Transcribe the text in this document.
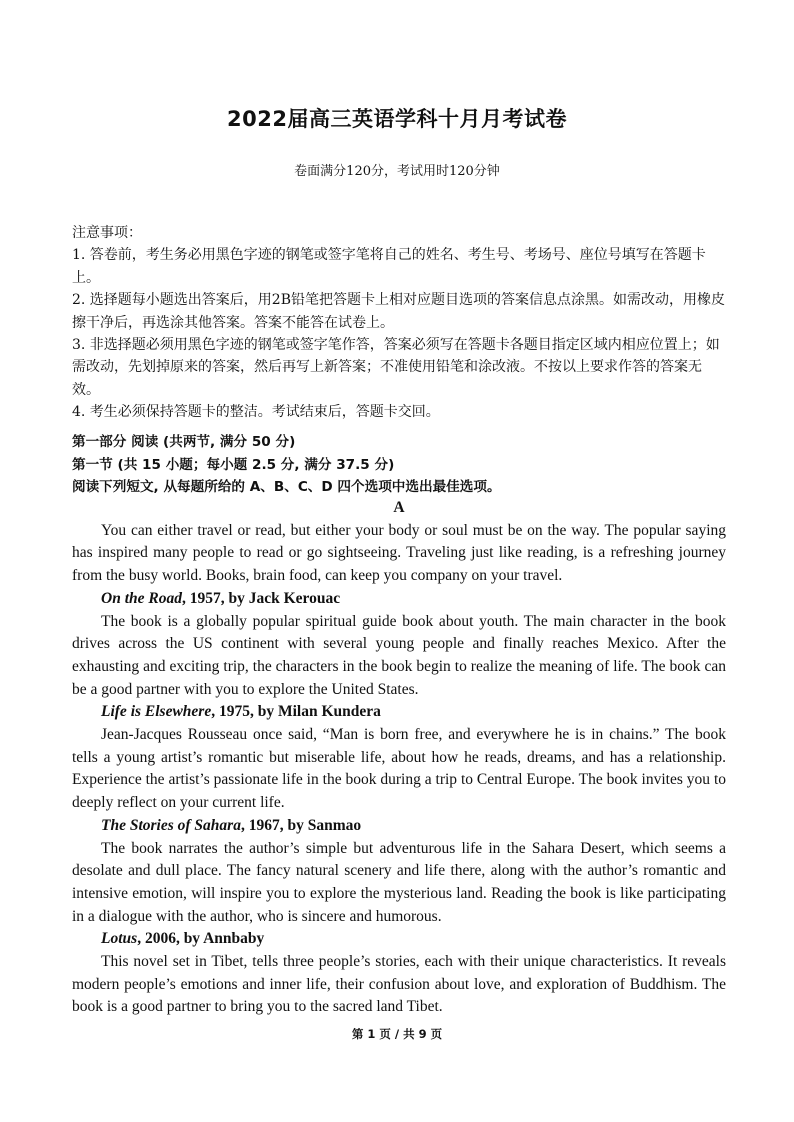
2022届高三英语学科十月月考试卷
卷面满分120分，考试用时120分钟

注意事项：

1. 答卷前，考生务必用黑色字迹的钢笔或签字笔将自己的姓名、考生号、考场号、座位号填写在答题卡上。

2. 选择题每小题选出答案后，用2B铅笔把答题卡上相对应题目选项的答案信息点涂黑。如需改动，用橡皮擦干净后，再选涂其他答案。答案不能答在试卷上。

3. 非选择题必须用黑色字迹的钢笔或签字笔作答，答案必须写在答题卡各题目指定区域内相应位置上；如需改动，先划掉原来的答案，然后再写上新答案；不准使用铅笔和涂改液。不按以上要求作答的答案无效。

4. 考生必须保持答题卡的整洁。考试结束后，答题卡交回。

第一部分 阅读 (共两节, 满分 50 分)

第一节 (共 15 小题；每小题 2.5 分, 满分 37.5 分)

阅读下列短文, 从每题所给的 A、B、C、D 四个选项中选出最佳选项。

A

You can either travel or read, but either your body or soul must be on the way. The popular saying has inspired many people to read or go sightseeing. Traveling just like reading, is a refreshing journey from the busy world. Books, brain food, can keep you company on your travel.

On the Road, 1957, by Jack Kerouac

The book is a globally popular spiritual guide book about youth. The main character in the book drives across the US continent with several young people and finally reaches Mexico. After the exhausting and exciting trip, the characters in the book begin to realize the meaning of life. The book can be a good partner with you to explore the United States.

Life is Elsewhere, 1975, by Milan Kundera

Jean-Jacques Rousseau once said, “Man is born free, and everywhere he is in chains.” The book tells a young artist’s romantic but miserable life, about how he reads, dreams, and has a relationship. Experience the artist’s passionate life in the book during a trip to Central Europe. The book invites you to deeply reflect on your current life.

The Stories of Sahara, 1967, by Sanmao

The book narrates the author’s simple but adventurous life in the Sahara Desert, which seems a desolate and dull place. The fancy natural scenery and life there, along with the author’s romantic and intensive emotion, will inspire you to explore the mysterious land. Reading the book is like participating in a dialogue with the author, who is sincere and humorous.

Lotus, 2006, by Annbaby

This novel set in Tibet, tells three people’s stories, each with their unique characteristics. It reveals modern people’s emotions and inner life, their confusion about love, and exploration of Buddhism. The book is a good partner to bring you to the sacred land Tibet.

第 1 页 / 共 9 页
